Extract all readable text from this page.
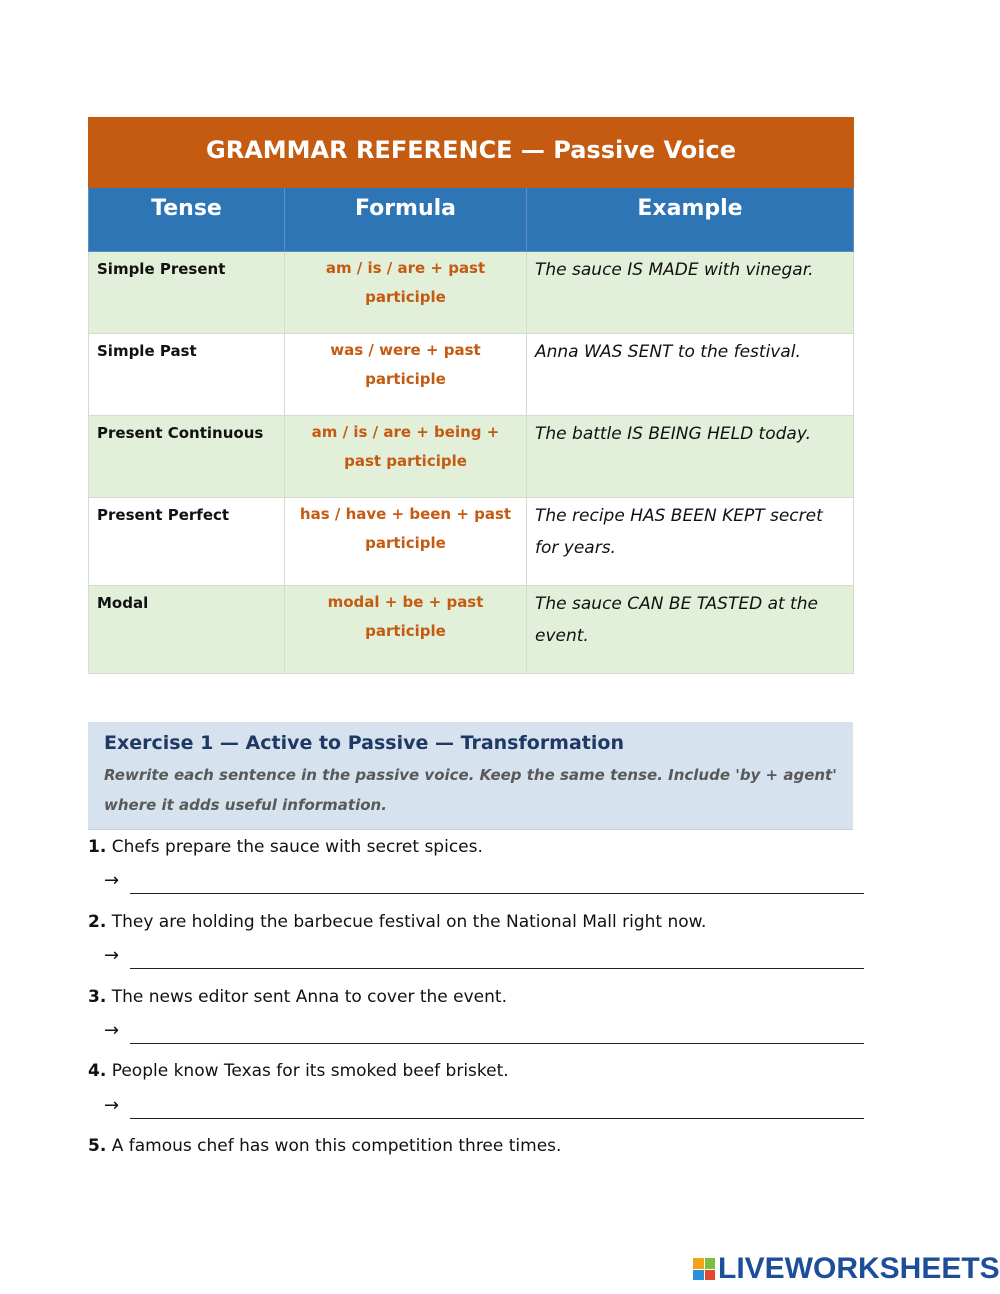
GRAMMAR REFERENCE — Passive Voice		
Tense	Formula	Example
Simple Present	am / is / are + past participle	The sauce IS MADE with vinegar.
Simple Past	was / were + past participle	Anna WAS SENT to the festival.
Present Continuous	am / is / are + being + past participle	The battle IS BEING HELD today.
Present Perfect	has / have + been + past participle	The recipe HAS BEEN KEPT secret for years.
Modal	modal + be + past participle	The sauce CAN BE TASTED at the event.
Exercise 1 — Active to Passive — Transformation
Rewrite each sentence in the passive voice. Keep the same tense. Include 'by + agent' where it adds useful information.
1. Chefs prepare the sauce with secret spices.
→
2. They are holding the barbecue festival on the National Mall right now.
→
3. The news editor sent Anna to cover the event.
→
4. People know Texas for its smoked beef brisket.
→
5. A famous chef has won this competition three times.
LIVEWORKSHEETS
